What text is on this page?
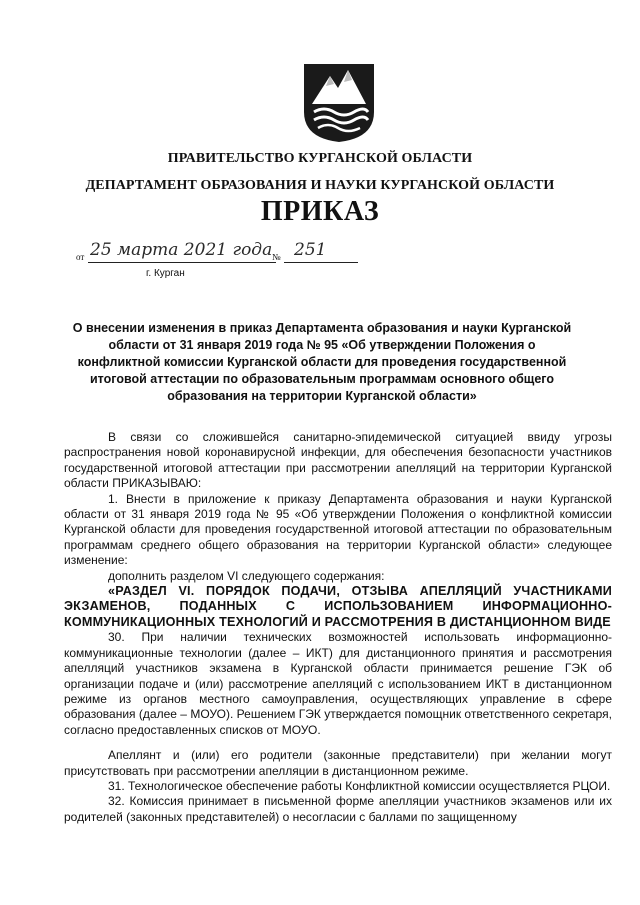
ПРАВИТЕЛЬСТВО КУРГАНСКОЙ ОБЛАСТИ
ДЕПАРТАМЕНТ ОБРАЗОВАНИЯ И НАУКИ КУРГАНСКОЙ ОБЛАСТИ
ПРИКАЗ
от 25 марта 2021 года № 251
г. Курган
О внесении изменения в приказ Департамента образования и науки Курганской области от 31 января 2019 года № 95 «Об утверждении Положения о конфликтной комиссии Курганской области для проведения государственной итоговой аттестации по образовательным программам основного общего образования на территории Курганской области»

В связи со сложившейся санитарно-эпидемической ситуацией ввиду угрозы распространения новой коронавирусной инфекции, для обеспечения безопасности участников государственной итоговой аттестации при рассмотрении апелляций на территории Курганской области ПРИКАЗЫВАЮ:

1. Внести в приложение к приказу Департамента образования и науки Курганской области от 31 января 2019 года № 95 «Об утверждении Положения о конфликтной комиссии Курганской области для проведения государственной итоговой аттестации по образовательным программам среднего общего образования на территории Курганской области» следующее изменение:

дополнить разделом VI следующего содержания:

«РАЗДЕЛ VI. ПОРЯДОК ПОДАЧИ, ОТЗЫВА АПЕЛЛЯЦИЙ УЧАСТНИКАМИ ЭКЗАМЕНОВ, ПОДАННЫХ С ИСПОЛЬЗОВАНИЕМ ИНФОРМАЦИОННО-КОММУНИКАЦИОННЫХ ТЕХНОЛОГИЙ И РАССМОТРЕНИЯ В ДИСТАНЦИОННОМ ВИДЕ

30. При наличии технических возможностей использовать информационно-коммуникационные технологии (далее – ИКТ) для дистанционного принятия и рассмотрения апелляций участников экзамена в Курганской области принимается решение ГЭК об организации подаче и (или) рассмотрение апелляций с использованием ИКТ в дистанционном режиме из органов местного самоуправления, осуществляющих управление в сфере образования (далее – МОУО). Решением ГЭК утверждается помощник ответственного секретаря, согласно предоставленных списков от МОУО.

Апеллянт и (или) его родители (законные представители) при желании могут присутствовать при рассмотрении апелляции в дистанционном режиме.

31. Технологическое обеспечение работы Конфликтной комиссии осуществляется РЦОИ.

32. Комиссия принимает в письменной форме апелляции участников экзаменов или их родителей (законных представителей) о несогласии с баллами по защищенному
